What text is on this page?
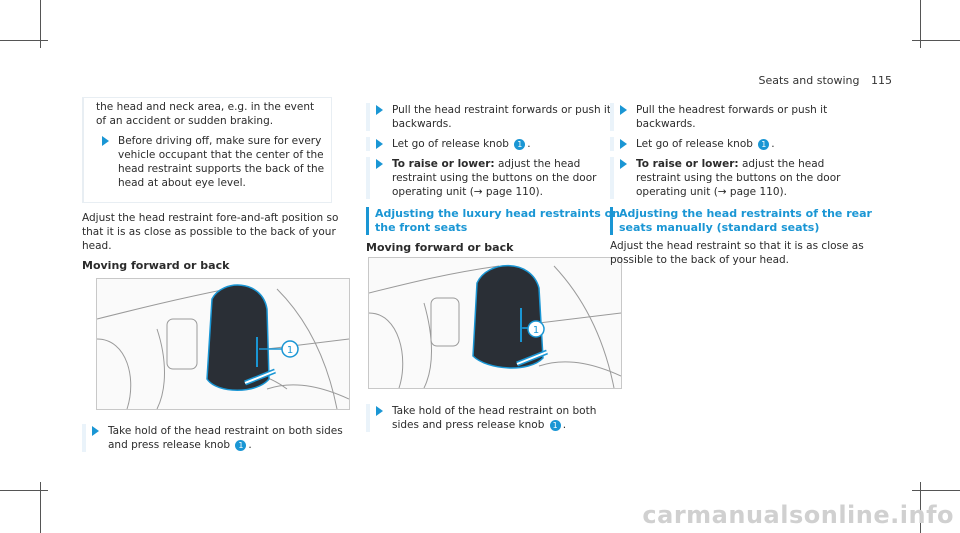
Seats and stowing 115
the head and neck area, e.g. in the event of an accident or sudden braking.
Before driving off, make sure for every vehicle occupant that the center of the head restraint supports the back of the head at about eye level.
Adjust the head restraint fore-and-aft position so that it is as close as possible to the back of your head.
Moving forward or back
1
Take hold of the head restraint on both sides and press release knob 1 .
Pull the head restraint forwards or push it backwards.
Let go of release knob 1 .
To raise or lower: adjust the head restraint using the buttons on the door operating unit (→ page 110).
Adjusting the luxury head restraints on the front seats
Moving forward or back
1
Take hold of the head restraint on both sides and press release knob 1 .
Pull the headrest forwards or push it backwards.
Let go of release knob 1 .
To raise or lower: adjust the head restraint using the buttons on the door operating unit (→ page 110).
Adjusting the head restraints of the rear seats manually (standard seats)
Adjust the head restraint so that it is as close as possible to the back of your head.
carmanualsonline.info
